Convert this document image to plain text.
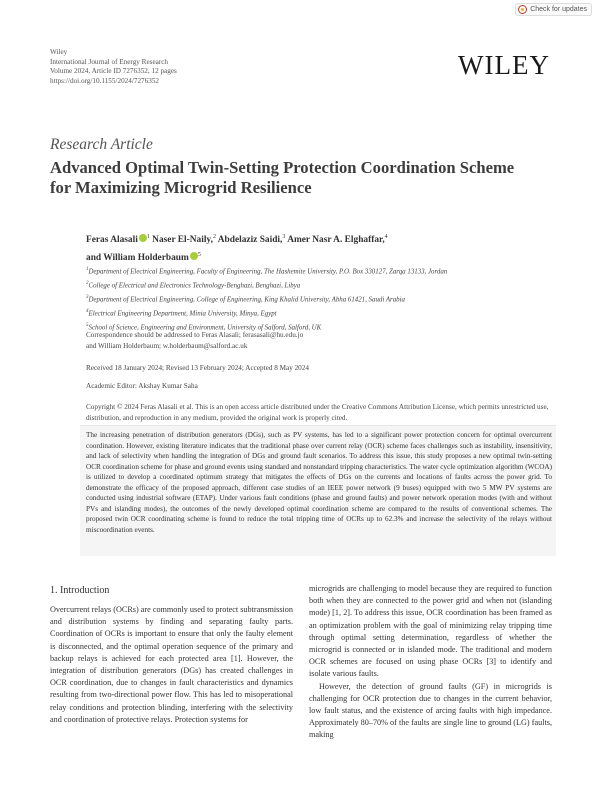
Check for updates
Wiley
International Journal of Energy Research
Volume 2024, Article ID 7276352, 12 pages
https://doi.org/10.1155/2024/7276352
WILEY
Research Article
Advanced Optimal Twin-Setting Protection Coordination Scheme for Maximizing Microgrid Resilience
Feras Alasali $^1$ Naser El-Naily,$^2$ Abdelaziz Saidi,$^3$ Amer Nasr A. Elghaffar,$^4$
and William Holderbaum $^5$
$^1$Department of Electrical Engineering, Faculty of Engineering, The Hashemite University, P.O. Box 330127, Zarqa 13133, Jordan
$^2$College of Electrical and Electronics Technology-Benghazi, Benghazi, Libya
$^3$Department of Electrical Engineering, College of Engineering, King Khalid University, Abha 61421, Saudi Arabia
$^4$Electrical Engineering Department, Minia University, Minya, Egypt
$^5$School of Science, Engineering and Environment, University of Salford, Salford, UK
Correspondence should be addressed to Feras Alasali; ferasasali@hu.edu.jo
and William Holderbaum; w.holderbaum@salford.ac.uk
Received 18 January 2024; Revised 13 February 2024; Accepted 8 May 2024
Academic Editor: Akshay Kumar Saha
Copyright © 2024 Feras Alasali et al. This is an open access article distributed under the Creative Commons Attribution License, which permits unrestricted use, distribution, and reproduction in any medium, provided the original work is properly cited.
The increasing penetration of distribution generators (DGs), such as PV systems, has led to a significant power protection concern for optimal overcurrent coordination. However, existing literature indicates that the traditional phase over current relay (OCR) scheme faces challenges such as instability, insensitivity, and lack of selectivity when handling the integration of DGs and ground fault scenarios. To address this issue, this study proposes a new optimal twin-setting OCR coordination scheme for phase and ground events using standard and nonstandard tripping characteristics. The water cycle optimization algorithm (WCOA) is utilized to develop a coordinated optimum strategy that mitigates the effects of DGs on the currents and locations of faults across the power grid. To demonstrate the efficacy of the proposed approach, different case studies of an IEEE power network (9 buses) equipped with two 5 MW PV systems are conducted using industrial software (ETAP). Under various fault conditions (phase and ground faults) and power network operation modes (with and without PVs and islanding modes), the outcomes of the newly developed optimal coordination scheme are compared to the results of conventional schemes. The proposed twin OCR coordinating scheme is found to reduce the total tripping time of OCRs up to 62.3% and increase the selectivity of the relays without miscoordination events.
1. Introduction

Overcurrent relays (OCRs) are commonly used to protect subtransmission and distribution systems by finding and separating faulty parts. Coordination of OCRs is important to ensure that only the faulty element is disconnected, and the optimal operation sequence of the primary and backup relays is achieved for each protected area [1]. However, the integration of distribution generators (DGs) has created challenges in OCR coordination, due to changes in fault characteristics and dynamics resulting from two-directional power flow. This has led to misoperational relay conditions and protection blinding, interfering with the selectivity and coordination of protective relays. Protection systems for

microgrids are challenging to model because they are required to function both when they are connected to the power grid and when not (islanding mode) [1, 2]. To address this issue, OCR coordination has been framed as an optimization problem with the goal of minimizing relay tripping time through optimal setting determination, regardless of whether the microgrid is connected or in islanded mode. The traditional and modern OCR schemes are focused on using phase OCRs [3] to identify and isolate various faults.

However, the detection of ground faults (GF) in microgrids is challenging for OCR protection due to changes in the current behavior, low fault status, and the existence of arcing faults with high impedance. Approximately 80–70% of the faults are single line to ground (LG) faults, making
